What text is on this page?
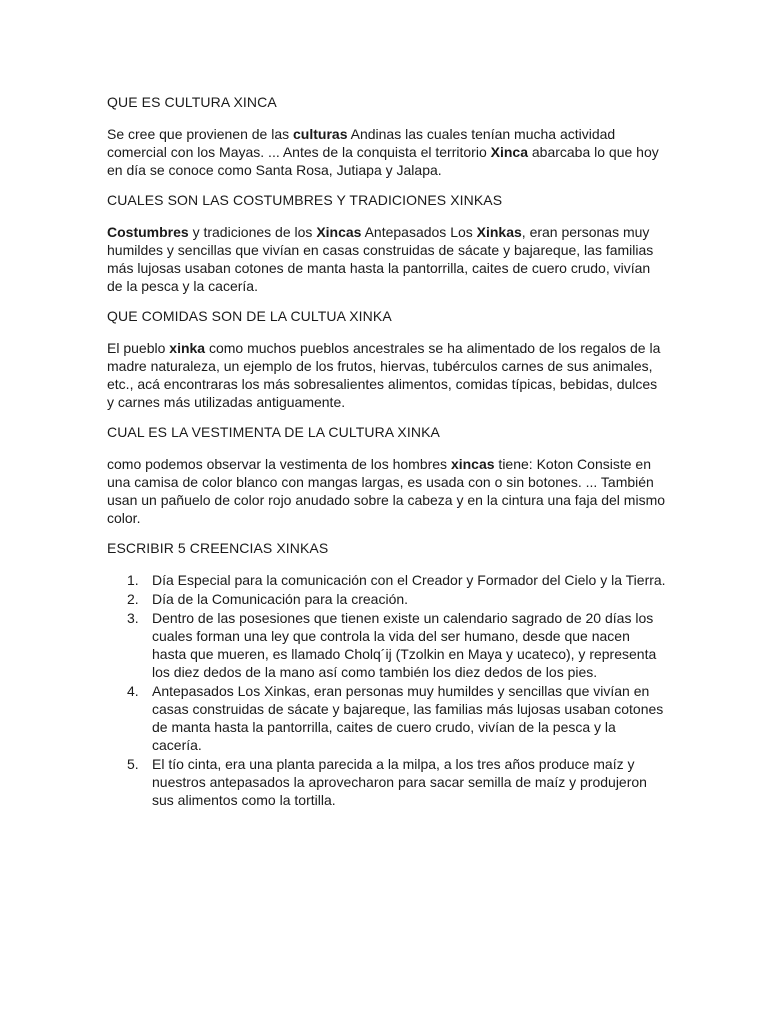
QUE ES CULTURA XINCA

Se cree que provienen de las culturas Andinas las cuales tenían mucha actividad comercial con los Mayas. ... Antes de la conquista el territorio Xinca abarcaba lo que hoy en día se conoce como Santa Rosa, Jutiapa y Jalapa.

CUALES SON LAS COSTUMBRES Y TRADICIONES XINKAS

Costumbres y tradiciones de los Xincas Antepasados Los Xinkas, eran personas muy humildes y sencillas que vivían en casas construidas de sácate y bajareque, las familias más lujosas usaban cotones de manta hasta la pantorrilla, caites de cuero crudo, vivían de la pesca y la cacería.

QUE COMIDAS SON DE LA CULTUA XINKA

El pueblo xinka como muchos pueblos ancestrales se ha alimentado de los regalos de la madre naturaleza, un ejemplo de los frutos, hiervas, tubérculos carnes de sus animales, etc., acá encontraras los más sobresalientes alimentos, comidas típicas, bebidas, dulces y carnes más utilizadas antiguamente.

CUAL ES LA VESTIMENTA DE LA CULTURA XINKA

como podemos observar la vestimenta de los hombres xincas tiene: Koton Consiste en una camisa de color blanco con mangas largas, es usada con o sin botones. ... También usan un pañuelo de color rojo anudado sobre la cabeza y en la cintura una faja del mismo color.

ESCRIBIR 5 CREENCIAS XINKAS
1. Día Especial para la comunicación con el Creador y Formador del Cielo y la Tierra.
2. Día de la Comunicación para la creación.
3. Dentro de las posesiones que tienen existe un calendario sagrado de 20 días los cuales forman una ley que controla la vida del ser humano, desde que nacen hasta que mueren, es llamado Cholq´ij (Tzolkin en Maya y ucateco), y representa los diez dedos de la mano así como también los diez dedos de los pies.
4. Antepasados Los Xinkas, eran personas muy humildes y sencillas que vivían en casas construidas de sácate y bajareque, las familias más lujosas usaban cotones de manta hasta la pantorrilla, caites de cuero crudo, vivían de la pesca y la cacería.
5. El tío cinta, era una planta parecida a la milpa, a los tres años produce maíz y nuestros antepasados la aprovecharon para sacar semilla de maíz y produjeron sus alimentos como la tortilla.
